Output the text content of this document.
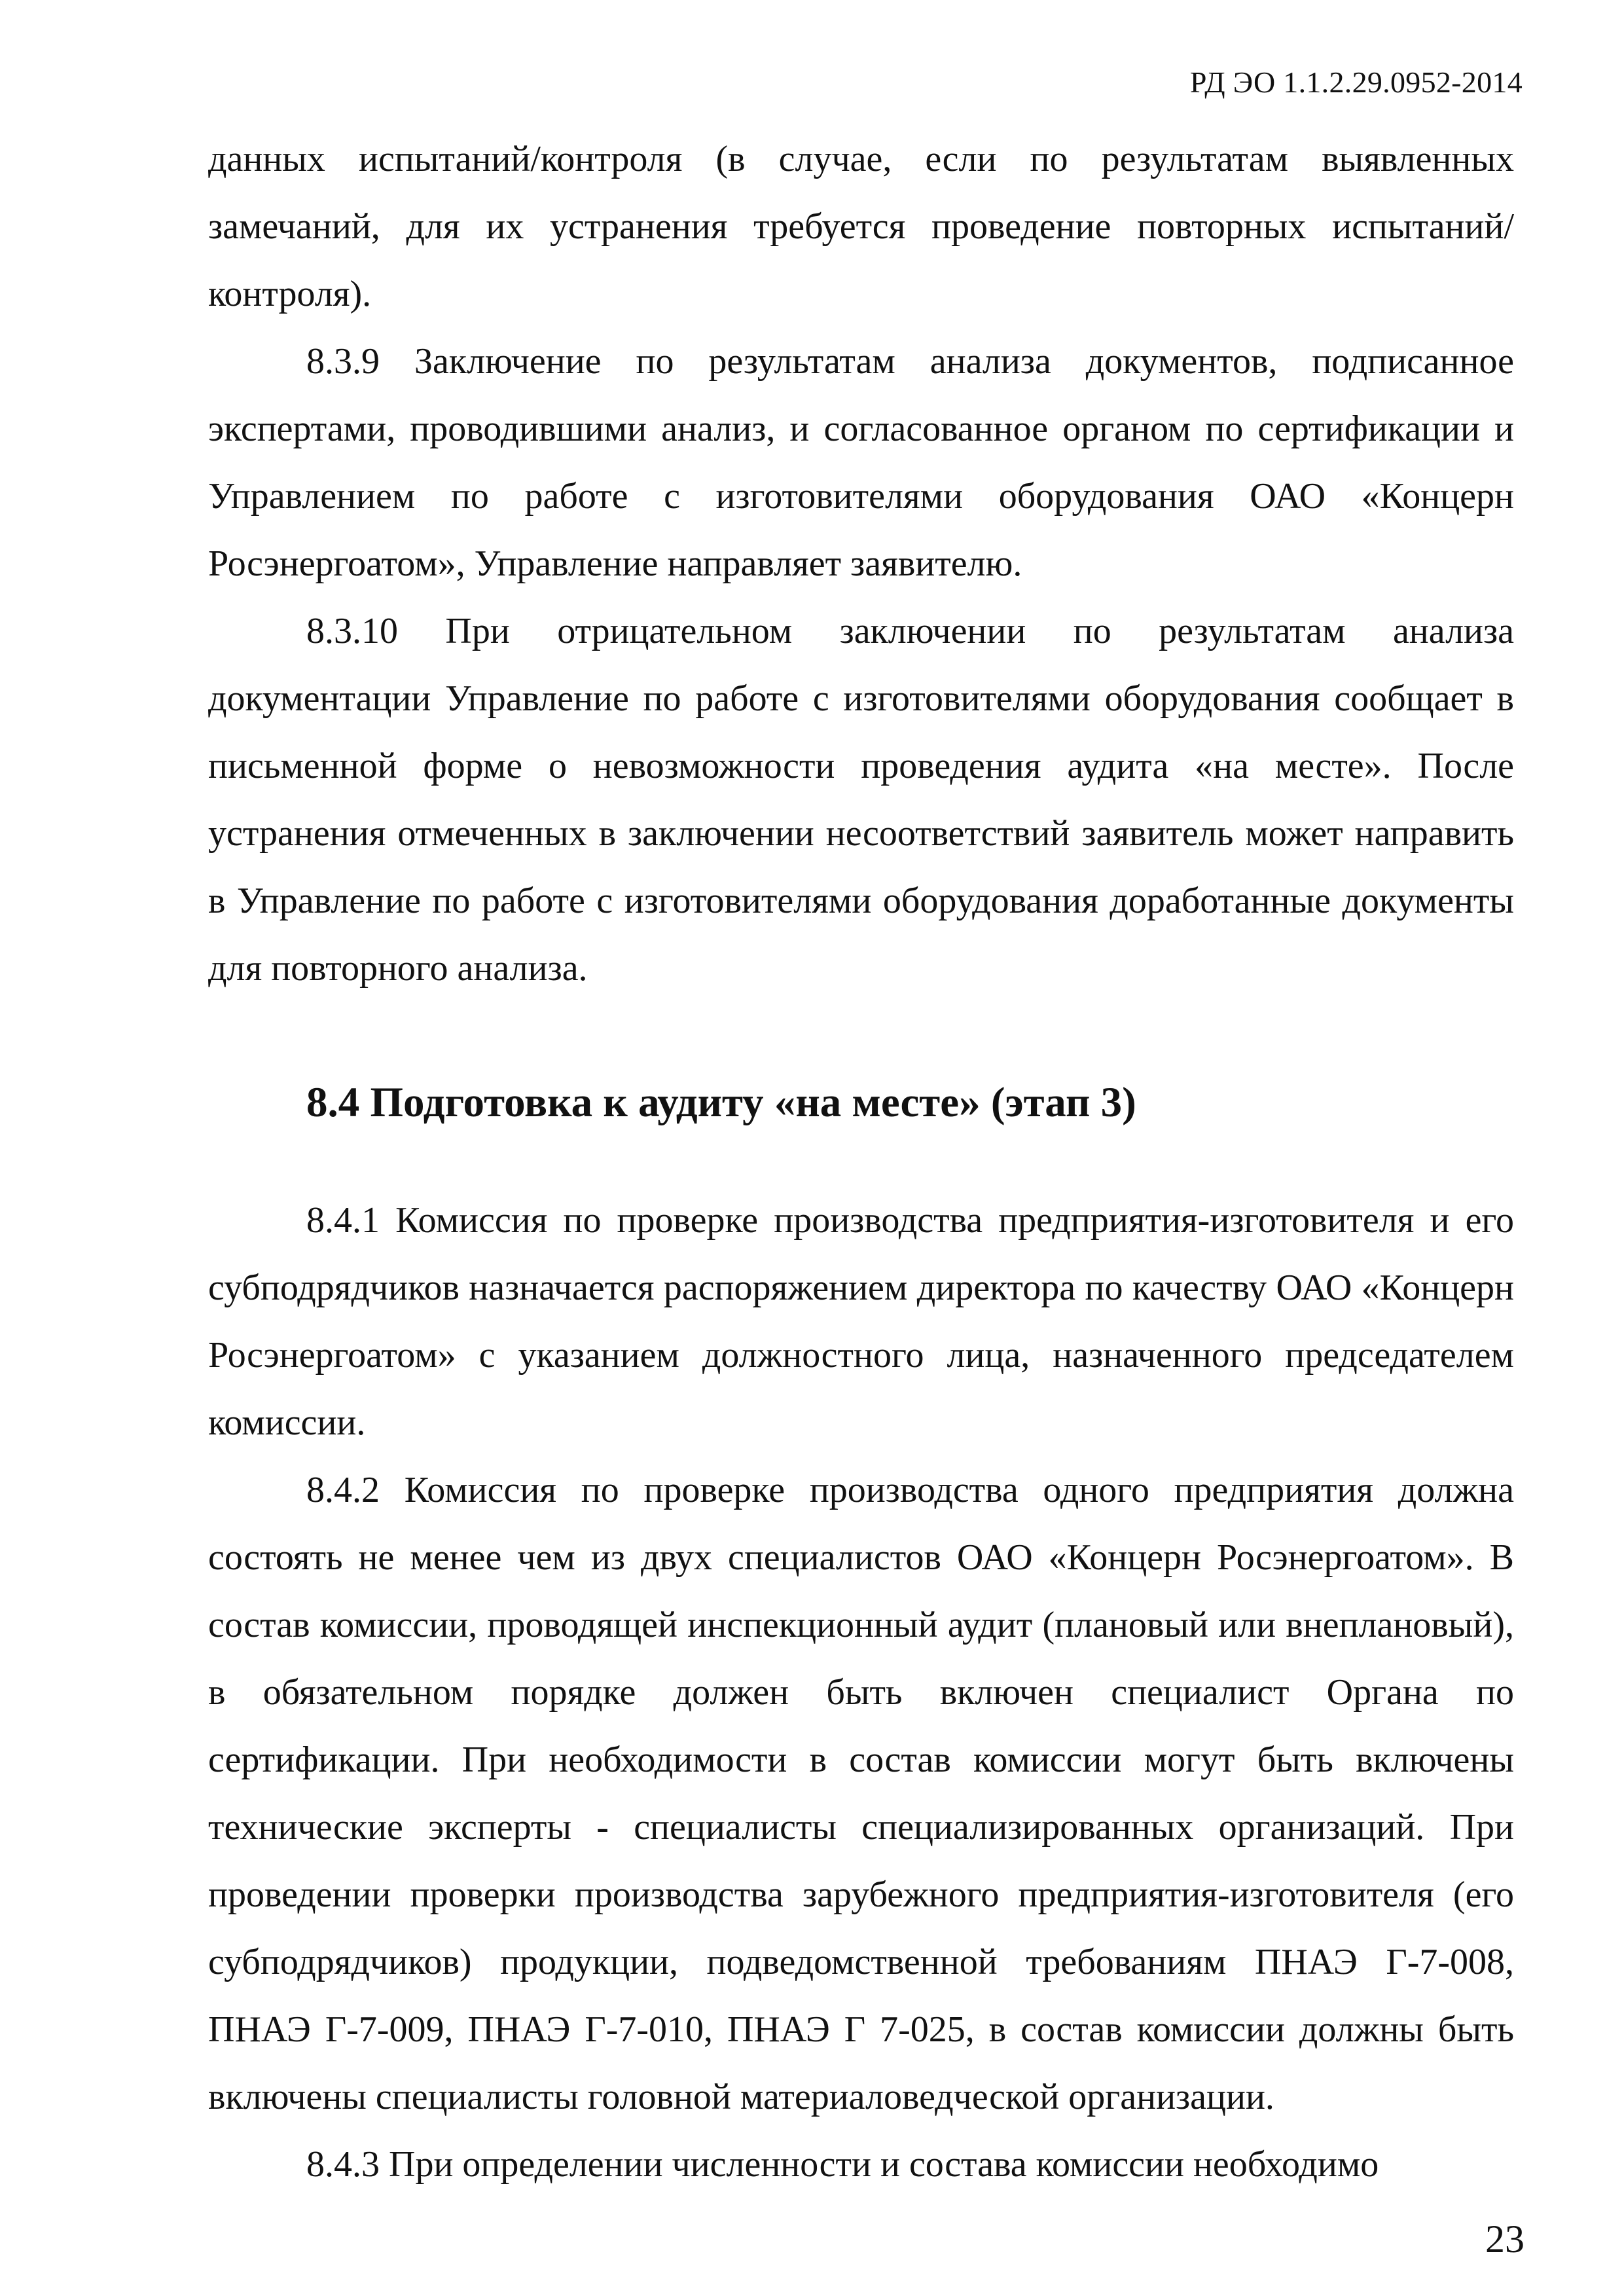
РД ЭО 1.1.2.29.0952-2014

данных испытаний/контроля (в случае, если по результатам выявленных замечаний, для их устранения требуется проведение повторных испытаний/контроля).

8.3.9 Заключение по результатам анализа документов, подписанное экспертами, проводившими анализ, и согласованное органом по сертификации и Управлением по работе с изготовителями оборудования ОАО «Концерн Росэнергоатом», Управление направляет заявителю.

8.3.10 При отрицательном заключении по результатам анализа документации Управление по работе с изготовителями оборудования сообщает в письменной форме о невозможности проведения аудита «на месте». После устранения отмеченных в заключении несоответствий заявитель может направить в Управление по работе с изготовителями оборудования доработанные документы для повторного анализа.

8.4 Подготовка к аудиту «на месте» (этап 3)

8.4.1 Комиссия по проверке производства предприятия-изготовителя и его субподрядчиков назначается распоряжением директора по качеству ОАО «Концерн Росэнергоатом» с указанием должностного лица, назначенного председателем комиссии.

8.4.2 Комиссия по проверке производства одного предприятия должна состоять не менее чем из двух специалистов ОАО «Концерн Росэнергоатом». В состав комиссии, проводящей инспекционный аудит (плановый или внеплановый), в обязательном порядке должен быть включен специалист Органа по сертификации. При необходимости в состав комиссии могут быть включены технические эксперты - специалисты специализированных организаций. При проведении проверки производства зарубежного предприятия-изготовителя (его субподрядчиков) продукции, подведомственной требованиям ПНАЭ Г-7-008, ПНАЭ Г-7-009, ПНАЭ Г-7-010, ПНАЭ Г 7-025, в состав комиссии должны быть включены специалисты головной материаловедческой организации.

8.4.3 При определении численности и состава комиссии необходимо

23
